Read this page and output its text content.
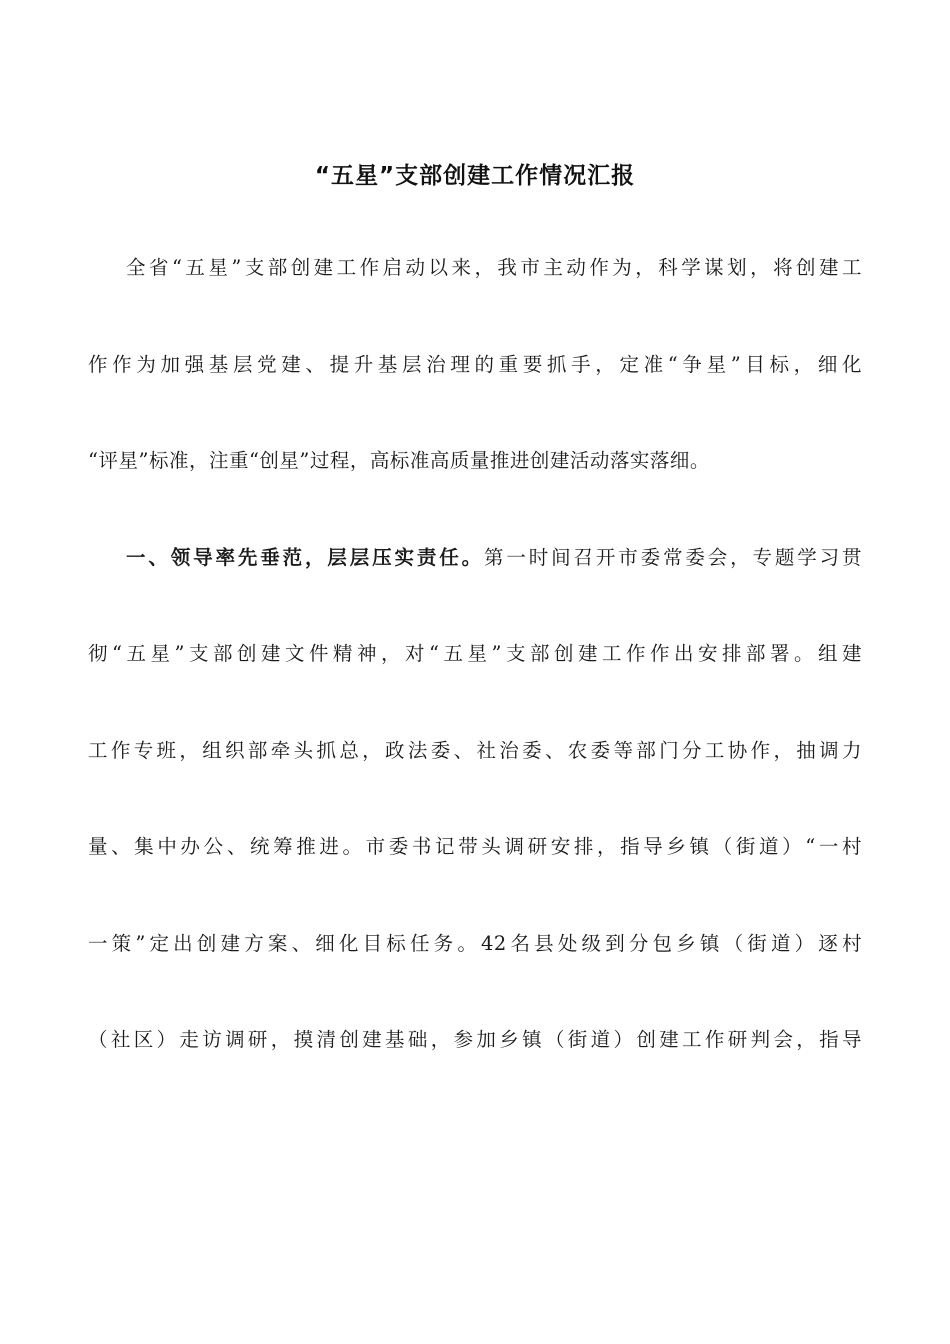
“五星”支部创建工作情况汇报
全省“五星”支部创建工作启动以来，我市主动作为，科学谋划，将创建工
作作为加强基层党建、提升基层治理的重要抓手，定准“争星”目标，细化
“评星”标准，注重“创星”过程，高标准高质量推进创建活动落实落细。
一、领导率先垂范，层层压实责任。第一时间召开市委常委会，专题学习贯
彻“五星”支部创建文件精神，对“五星”支部创建工作作出安排部署。组建
工作专班，组织部牵头抓总，政法委、社治委、农委等部门分工协作，抽调力
量、集中办公、统筹推进。市委书记带头调研安排，指导乡镇（街道）“一村
一策”定出创建方案、细化目标任务。42名县处级到分包乡镇（街道）逐村
（社区）走访调研，摸清创建基础，参加乡镇（街道）创建工作研判会，指导
